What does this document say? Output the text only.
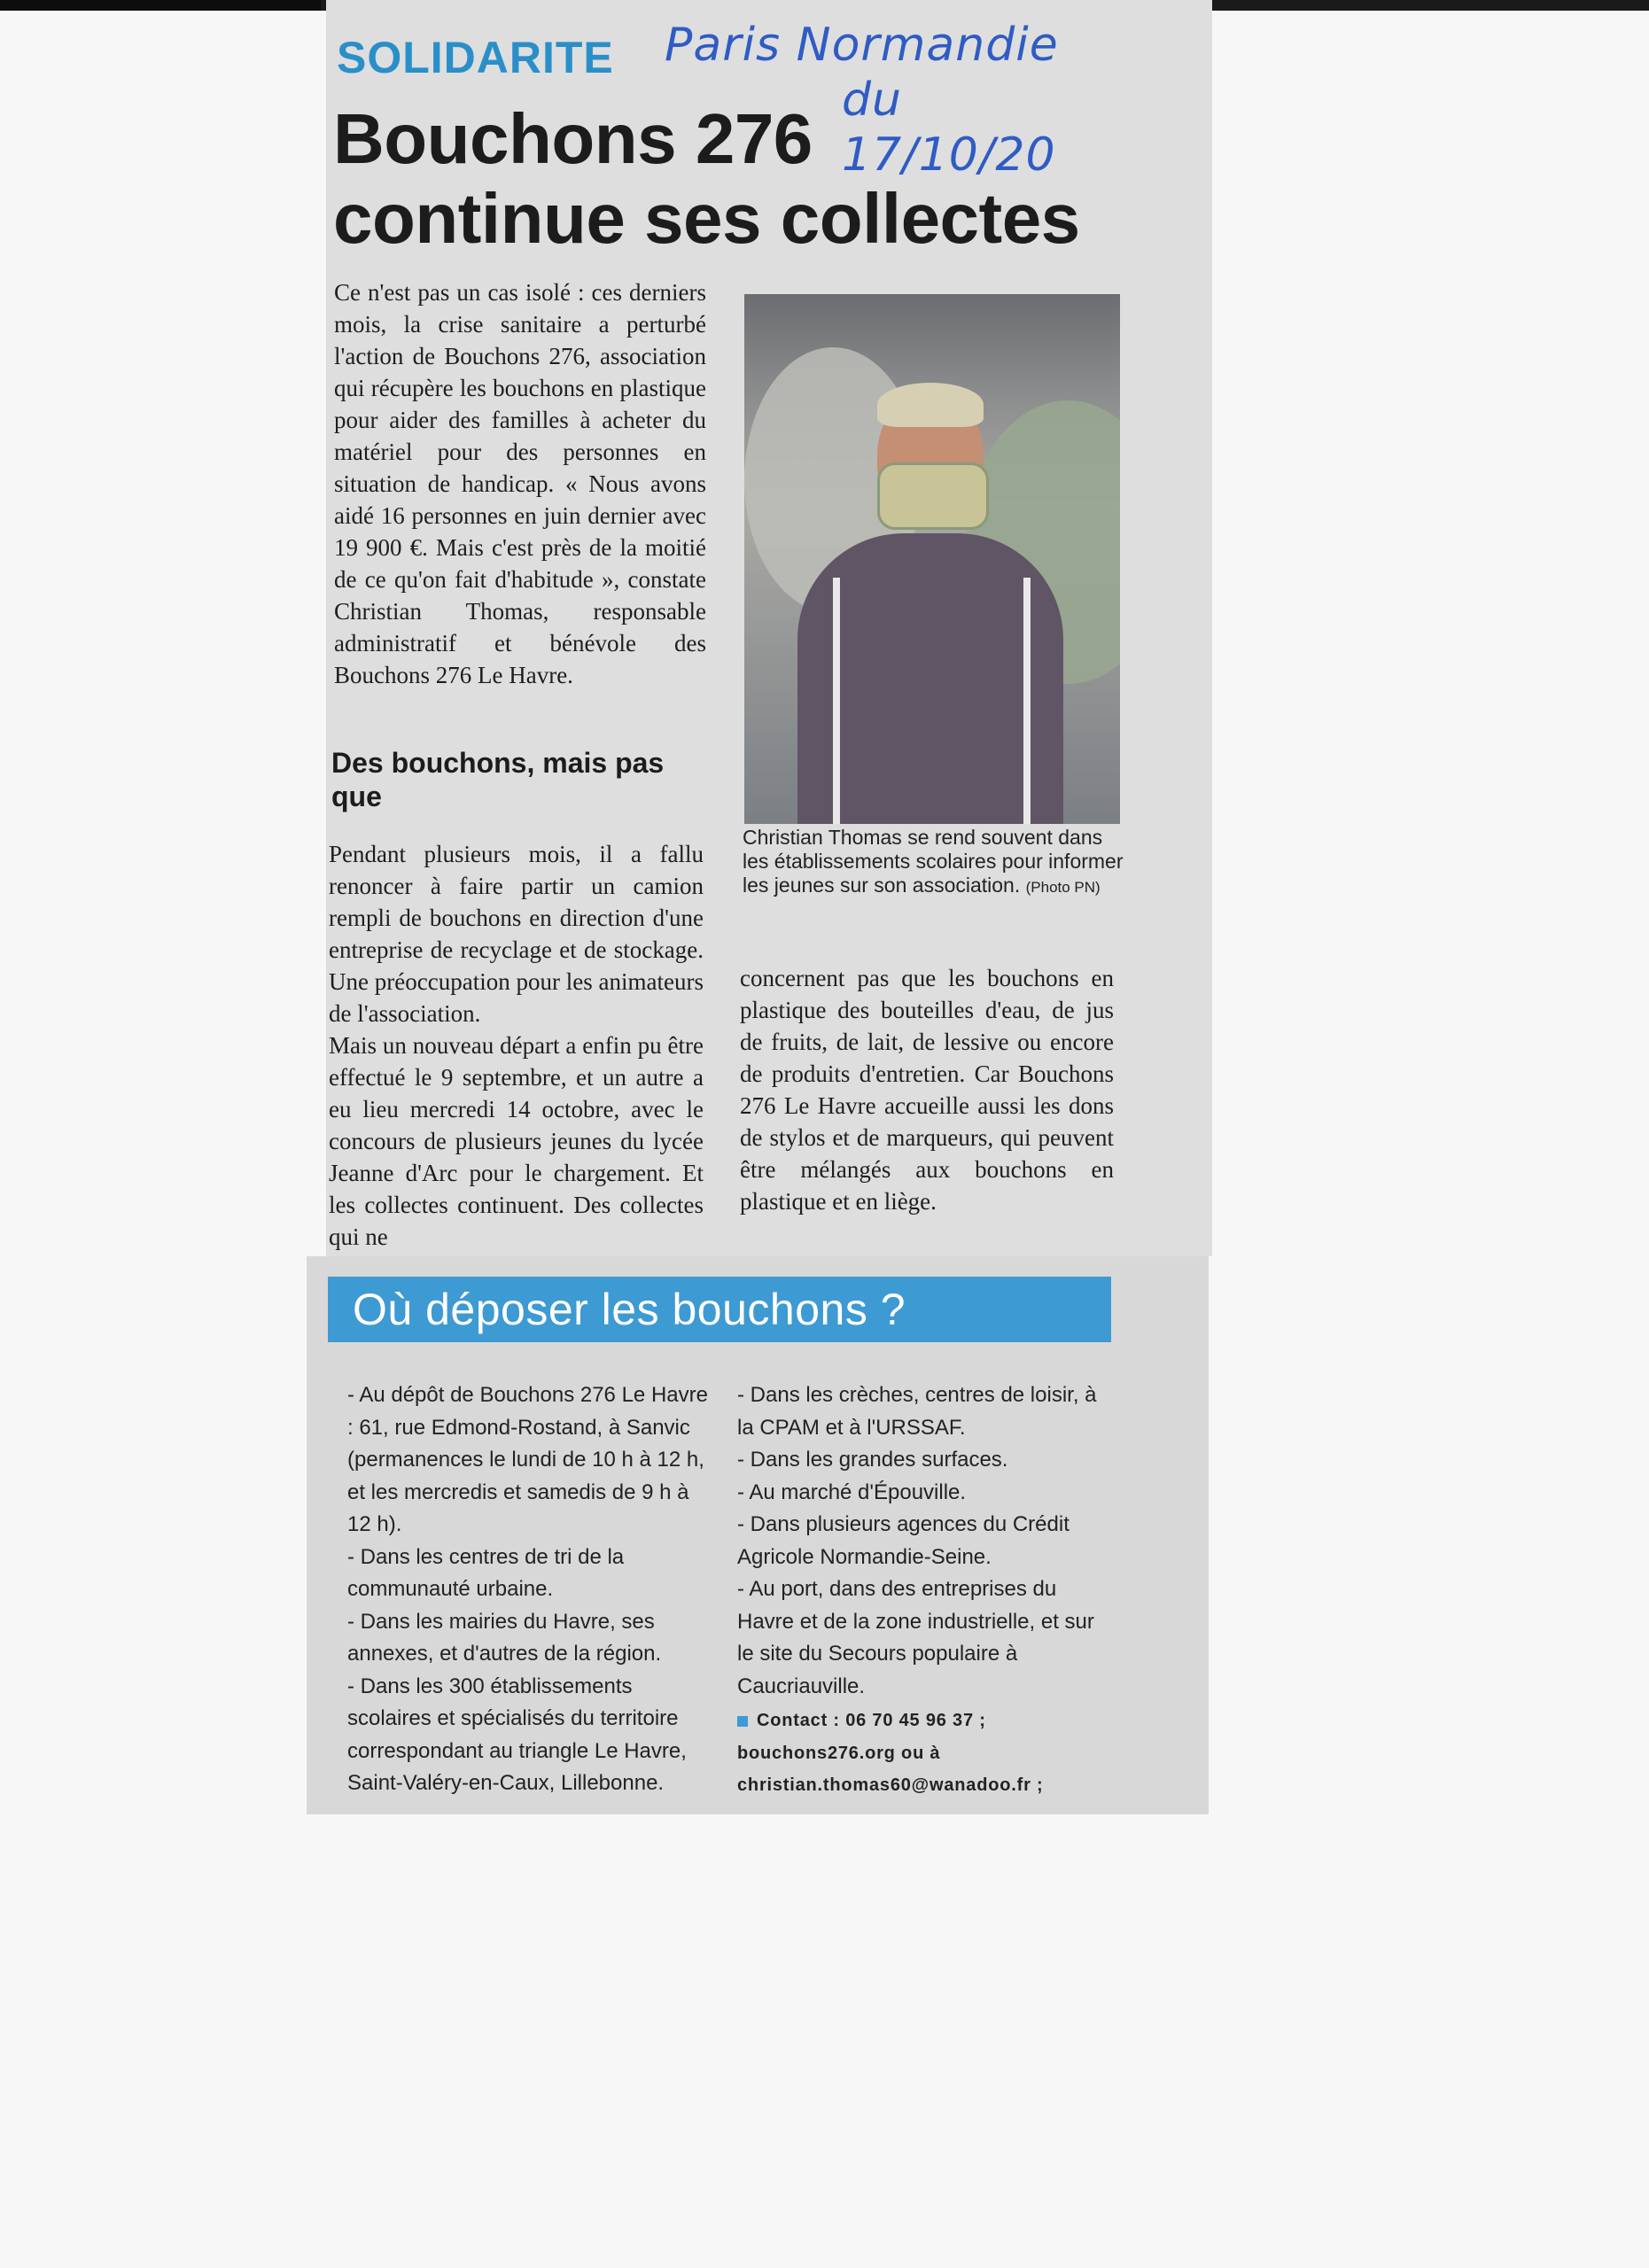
SOLIDARITE Paris Normandie
du 17/10/20
Bouchons 276
continue ses collectes

Ce n'est pas un cas isolé : ces derniers mois, la crise sanitaire a perturbé l'action de Bouchons 276, association qui récupère les bouchons en plastique pour aider des familles à acheter du matériel pour des personnes en situation de handicap. « Nous avons aidé 16 personnes en juin dernier avec 19 900 €. Mais c'est près de la moitié de ce qu'on fait d'habitude », constate Christian Thomas, responsable administratif et bénévole des Bouchons 276 Le Havre.

Des bouchons, mais pas que

Pendant plusieurs mois, il a fallu renoncer à faire partir un camion rempli de bouchons en direction d'une entreprise de recyclage et de stockage. Une préoccupation pour les animateurs de l'association.

Mais un nouveau départ a enfin pu être effectué le 9 septembre, et un autre a eu lieu mercredi 14 octobre, avec le concours de plusieurs jeunes du lycée Jeanne d'Arc pour le chargement. Et les collectes continuent. Des collectes qui ne

Christian Thomas se rend souvent dans les établissements scolaires pour informer les jeunes sur son association. (Photo PN)

concernent pas que les bouchons en plastique des bouteilles d'eau, de jus de fruits, de lait, de lessive ou encore de produits d'entretien. Car Bouchons 276 Le Havre accueille aussi les dons de stylos et de marqueurs, qui peuvent être mélangés aux bouchons en plastique et en liège.

Où déposer les bouchons ?

- Au dépôt de Bouchons 276 Le Havre : 61, rue Edmond-Rostand, à Sanvic (permanences le lundi de 10 h à 12 h, et les mercredis et samedis de 9 h à 12 h).

- Dans les centres de tri de la communauté urbaine.

- Dans les mairies du Havre, ses annexes, et d'autres de la région.

- Dans les 300 établissements scolaires et spécialisés du territoire correspondant au triangle Le Havre, Saint-Valéry-en-Caux, Lillebonne.

- Dans les crèches, centres de loisir, à la CPAM et à l'URSSAF.

- Dans les grandes surfaces.

- Au marché d'Épouville.

- Dans plusieurs agences du Crédit Agricole Normandie-Seine.

- Au port, dans des entreprises du Havre et de la zone industrielle, et sur le site du Secours populaire à Caucriauville.

Contact : 06 70 45 96 37 ; bouchons276.org ou à christian.thomas60@wanadoo.fr ;
